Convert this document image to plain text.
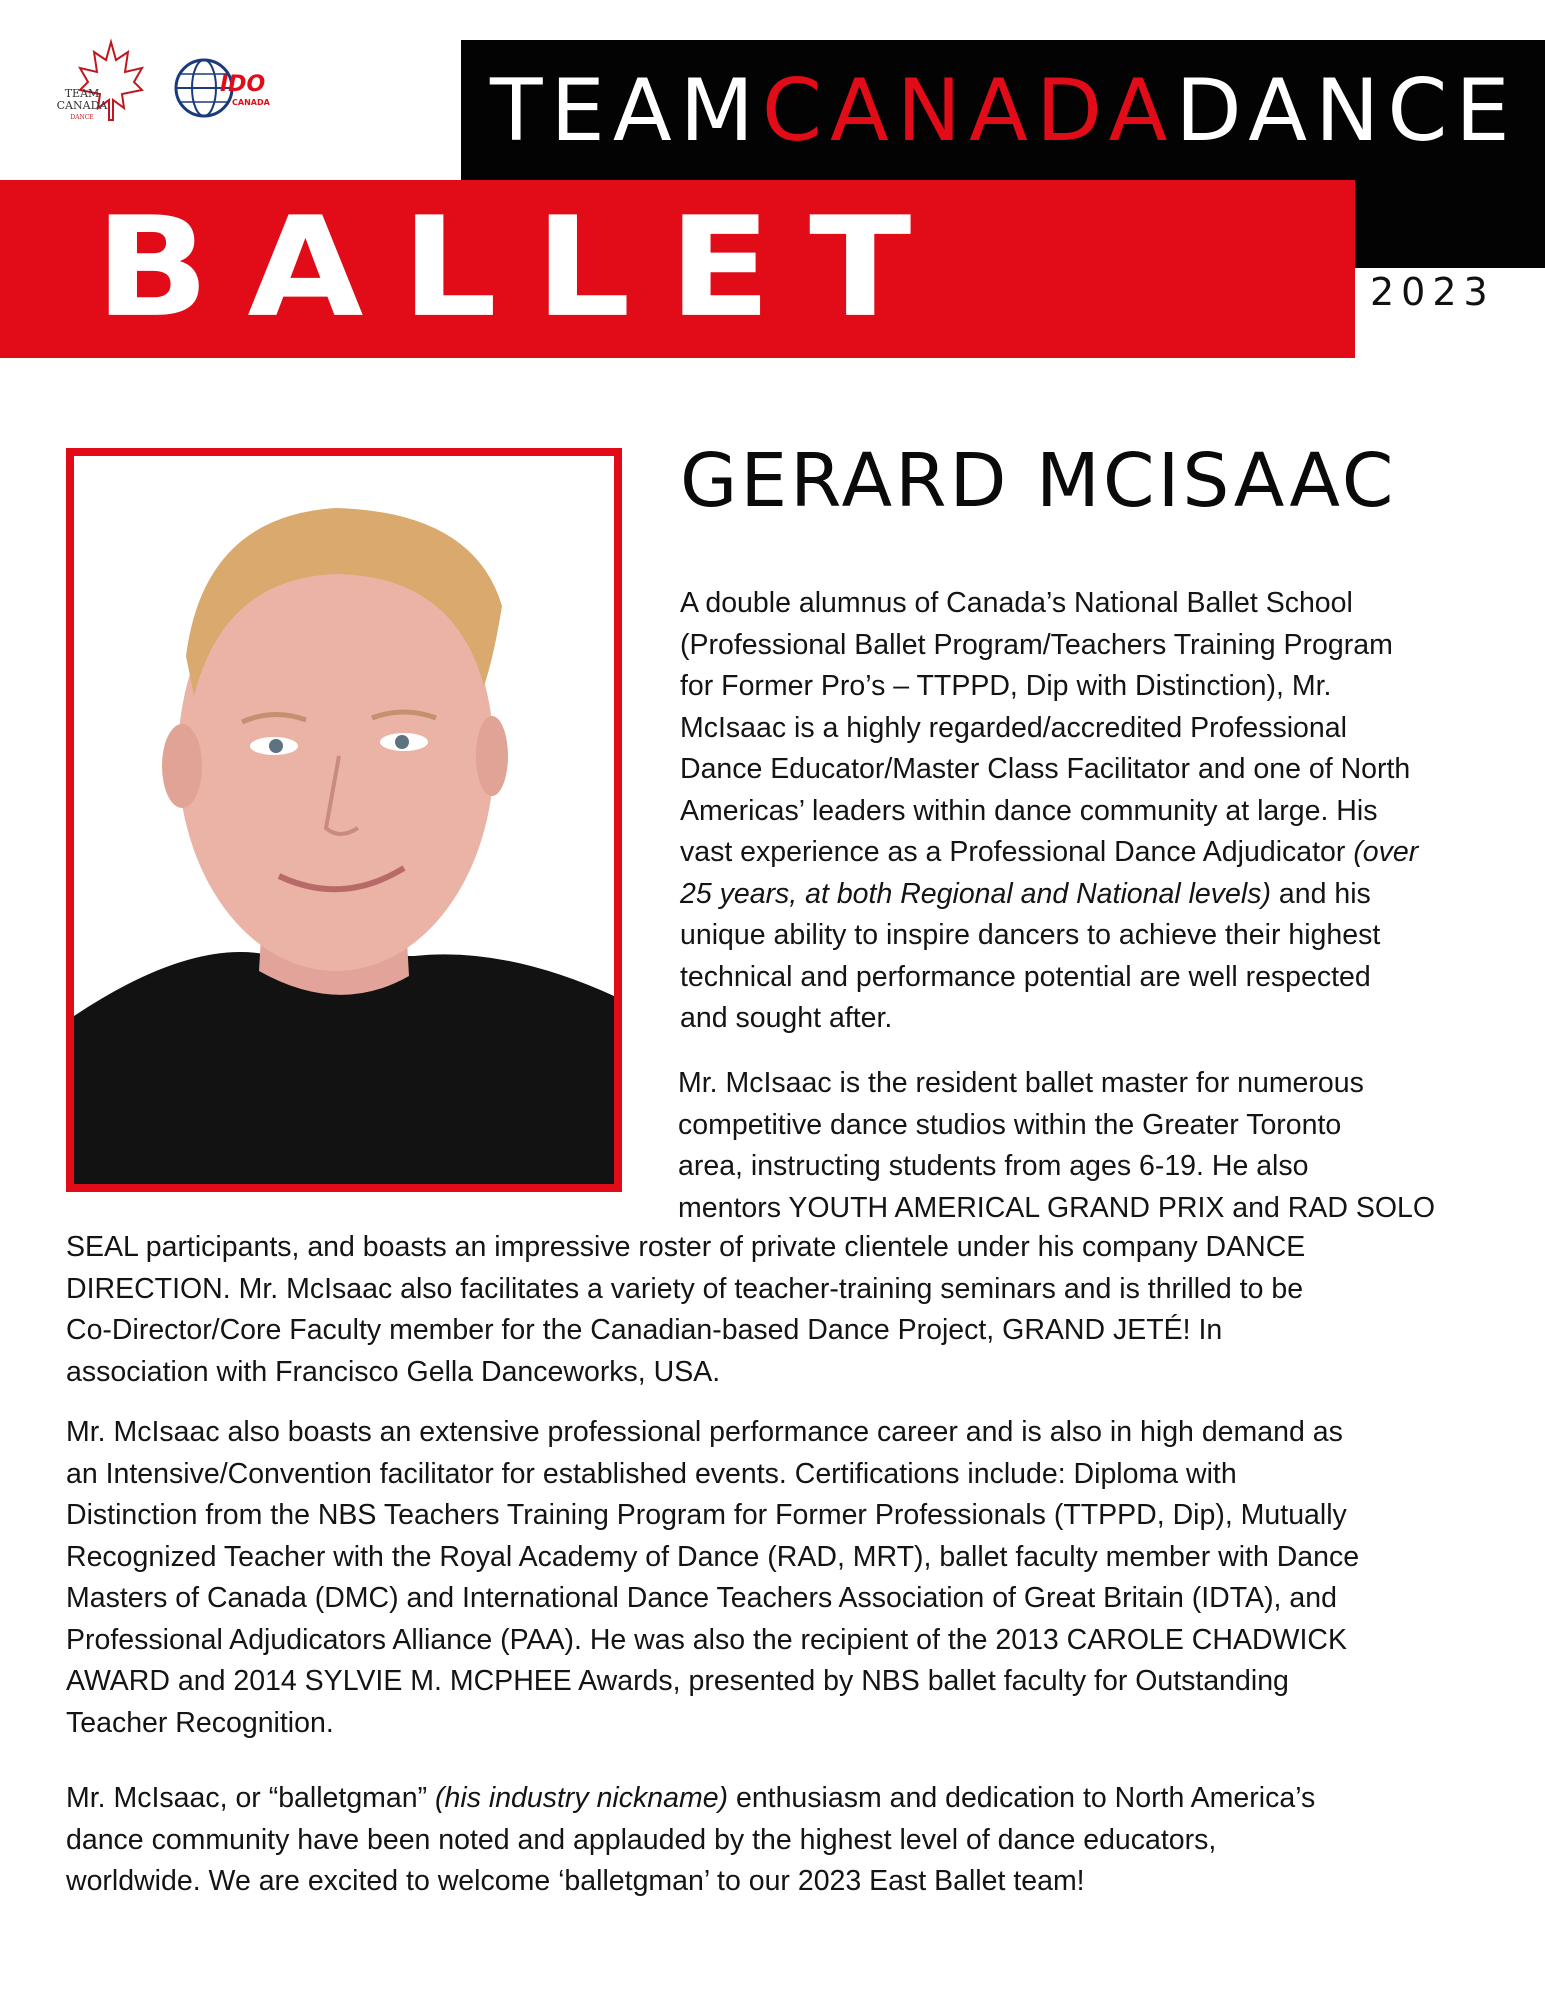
TEAM
CANADA
DANCE
IDO
CANADA	TEAMCANADADANCE
BALLET	2023
GERARD MCISAAC

A double alumnus of Canada’s National Ballet School
(Professional Ballet Program/Teachers Training Program
for Former Pro’s – TTPPD, Dip with Distinction), Mr.
McIsaac is a highly regarded/accredited Professional
Dance Educator/Master Class Facilitator and one of North
Americas’ leaders within dance community at large. His
vast experience as a Professional Dance Adjudicator (over
25 years, at both Regional and National levels) and his
unique ability to inspire dancers to achieve their highest
technical and performance potential are well respected
and sought after.

Mr. McIsaac is the resident ballet master for numerous
competitive dance studios within the Greater Toronto
area, instructing students from ages 6-19. He also
mentors YOUTH AMERICAL GRAND PRIX and RAD SOLO

SEAL participants, and boasts an impressive roster of private clientele under his company DANCE
DIRECTION. Mr. McIsaac also facilitates a variety of teacher-training seminars and is thrilled to be
Co-Director/Core Faculty member for the Canadian-based Dance Project, GRAND JETÉ! In
association with Francisco Gella Danceworks, USA.

Mr. McIsaac also boasts an extensive professional performance career and is also in high demand as
an Intensive/Convention facilitator for established events. Certifications include: Diploma with
Distinction from the NBS Teachers Training Program for Former Professionals (TTPPD, Dip), Mutually
Recognized Teacher with the Royal Academy of Dance (RAD, MRT), ballet faculty member with Dance
Masters of Canada (DMC) and International Dance Teachers Association of Great Britain (IDTA), and
Professional Adjudicators Alliance (PAA). He was also the recipient of the 2013 CAROLE CHADWICK
AWARD and 2014 SYLVIE M. MCPHEE Awards, presented by NBS ballet faculty for Outstanding
Teacher Recognition.

Mr. McIsaac, or “balletgman” (his industry nickname) enthusiasm and dedication to North America’s
dance community have been noted and applauded by the highest level of dance educators,
worldwide. We are excited to welcome ‘balletgman’ to our 2023 East Ballet team!
